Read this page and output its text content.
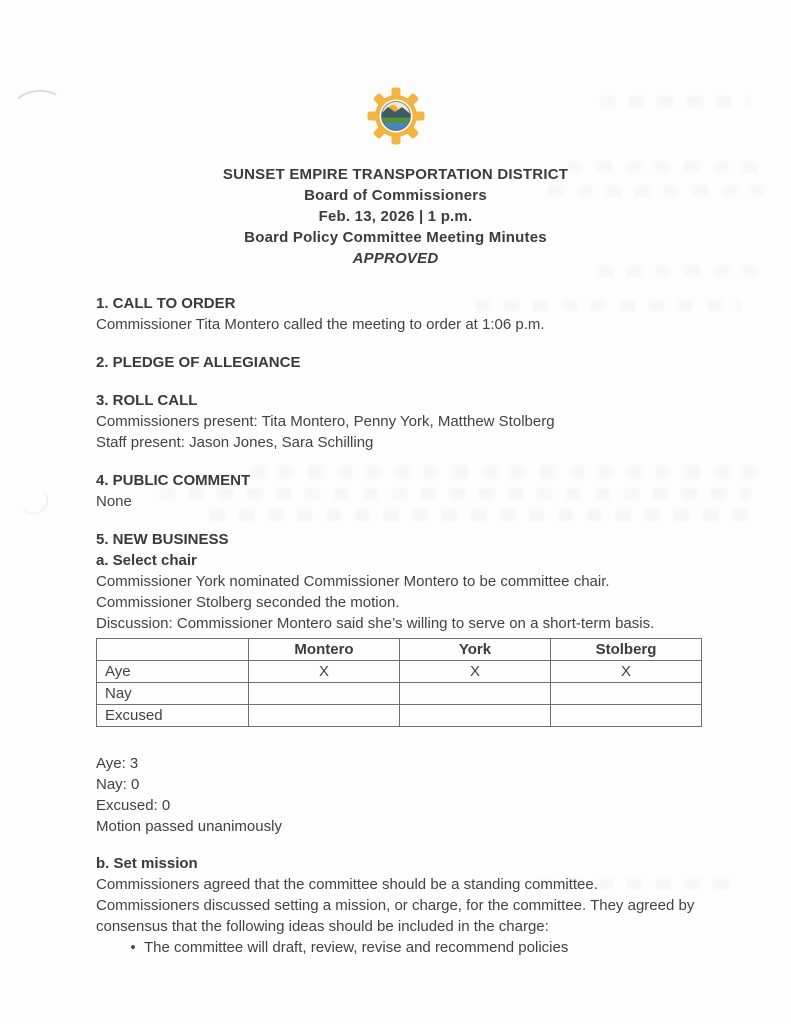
SUNSET EMPIRE TRANSPORTATION DISTRICT
Board of Commissioners
Feb. 13, 2026 | 1 p.m.
Board Policy Committee Meeting Minutes
APPROVED
1. CALL TO ORDER
Commissioner Tita Montero called the meeting to order at 1:06 p.m.
2. PLEDGE OF ALLEGIANCE
3. ROLL CALL
Commissioners present: Tita Montero, Penny York, Matthew Stolberg
Staff present: Jason Jones, Sara Schilling
4. PUBLIC COMMENT
None
5. NEW BUSINESS
a. Select chair
Commissioner York nominated Commissioner Montero to be committee chair.
Commissioner Stolberg seconded the motion.
Discussion: Commissioner Montero said she’s willing to serve on a short-term basis.
	Montero	York	Stolberg
Aye	X	X	X
Nay			
Excused			
Aye: 3
Nay: 0
Excused: 0
Motion passed unanimously
b. Set mission
Commissioners agreed that the committee should be a standing committee.
Commissioners discussed setting a mission, or charge, for the committee. They agreed by consensus that the following ideas should be included in the charge:
• The committee will draft, review, revise and recommend policies
